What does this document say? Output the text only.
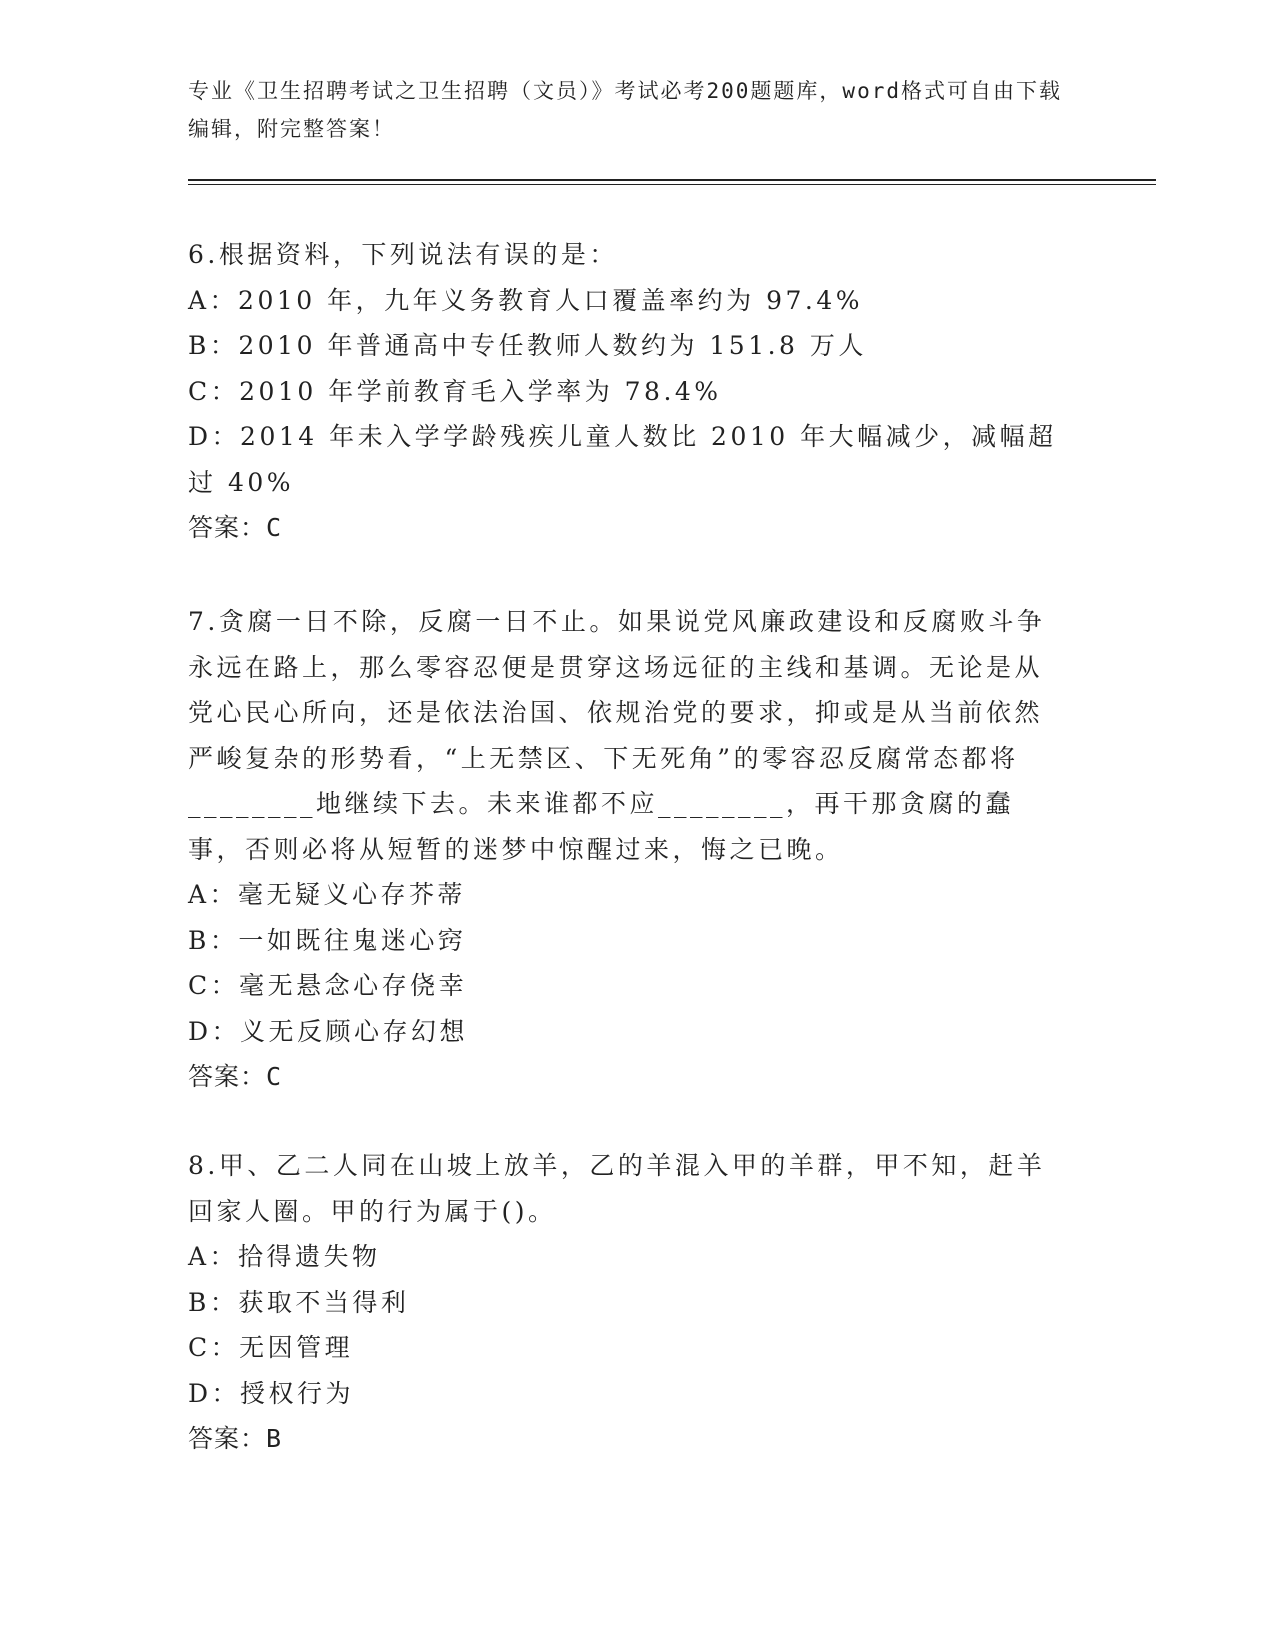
专业《卫生招聘考试之卫生招聘（文员）》考试必考200题题库，word格式可自由下载编辑，附完整答案！

6.根据资料，下列说法有误的是：

A：2010 年，九年义务教育人口覆盖率约为 97.4%

B：2010 年普通高中专任教师人数约为 151.8 万人

C：2010 年学前教育毛入学率为 78.4%

D：2014 年未入学学龄残疾儿童人数比 2010 年大幅减少，减幅超过 40%

答案：C

7.贪腐一日不除，反腐一日不止。如果说党风廉政建设和反腐败斗争永远在路上，那么零容忍便是贯穿这场远征的主线和基调。无论是从党心民心所向，还是依法治国、依规治党的要求，抑或是从当前依然严峻复杂的形势看，“上无禁区、下无死角”的零容忍反腐常态都将________地继续下去。未来谁都不应________，再干那贪腐的蠢事，否则必将从短暂的迷梦中惊醒过来，悔之已晚。

A：毫无疑义心存芥蒂

B：一如既往鬼迷心窍

C：毫无悬念心存侥幸

D：义无反顾心存幻想

答案：C

8.甲、乙二人同在山坡上放羊，乙的羊混入甲的羊群，甲不知，赶羊回家人圈。甲的行为属于()。

A：拾得遗失物

B：获取不当得利

C：无因管理

D：授权行为

答案：B
